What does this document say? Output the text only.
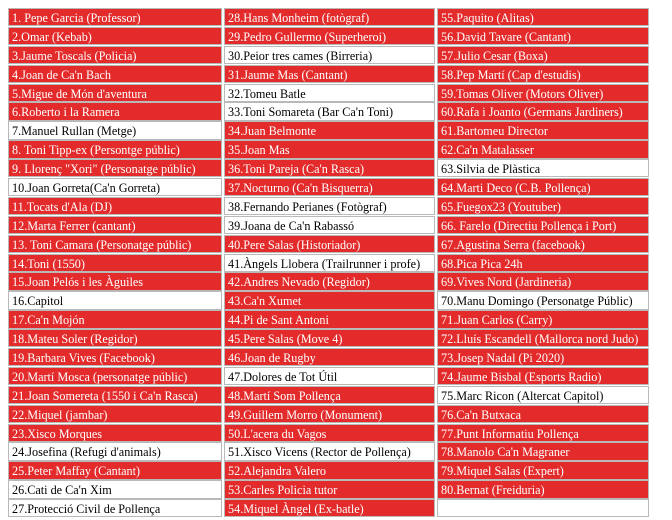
1. Pepe Garcia (Professor)	28.Hans Monheim (fotògraf)	55.Paquito (Alitas)
2.Omar (Kebab)	29.Pedro Gullermo (Superheroi)	56.David Tavare (Cantant)
3.Jaume Toscals (Policia)	30.Peior tres cames (Birreria)	57.Julio Cesar (Boxa)
4.Joan de Ca'n Bach	31.Jaume Mas (Cantant)	58.Pep Martí (Cap d'estudis)
5.Migue de Món d'aventura	32.Tomeu Batle	59.Tomas Oliver (Motors Oliver)
6.Roberto i la Ramera	33.Toni Somareta (Bar Ca'n Toni)	60.Rafa i Joanto (Germans Jardiners)
7.Manuel Rullan (Metge)	34.Juan Belmonte	61.Bartomeu Director
8. Toni Tipp-ex (Persontge públic)	35.Joan Mas	62.Ca'n Matalasser
9. Llorenç "Xori" (Personatge públic)	36.Toni Pareja (Ca'n Rasca)	63.Silvia de Plàstica
10.Joan Gorreta(Ca'n Gorreta)	37.Nocturno (Ca'n Bisquerra)	64.Marti Deco (C.B. Pollença)
11.Tocats d'Ala (DJ)	38.Fernando Perianes (Fotògraf)	65.Fuegox23 (Youtuber)
12.Marta Ferrer (cantant)	39.Joana de Ca'n Rabassó	66. Farelo (Directiu Pollença i Port)
13. Toni Camara (Personatge públic)	40.Pere Salas (Historiador)	67.Agustina Serra (facebook)
14.Toni (1550)	41.Àngels Llobera (Trailrunner i profe)	68.Pica Pica 24h
15.Joan Pelós i les Àguiles	42.Andres Nevado (Regidor)	69.Vives Nord (Jardineria)
16.Capitol	43.Ca'n Xumet	70.Manu Domingo (Personatge Públic)
17.Ca'n Mojón	44.Pi de Sant Antoni	71.Juan Carlos (Carry)
18.Mateu Soler (Regidor)	45.Pere Salas (Move 4)	72.Lluís Escandell (Mallorca nord Judo)
19.Barbara Vives (Facebook)	46.Joan de Rugby	73.Josep Nadal (Pi 2020)
20.Martí Mosca (personatge públic)	47.Dolores de Tot Útil	74.Jaume Bisbal (Esports Radio)
21.Joan Somereta (1550 i Ca'n Rasca)	48.Martí Som Pollença	75.Marc Ricon (Altercat Capitol)
22.Miquel (jambar)	49.Guillem Morro (Monument)	76.Ca'n Butxaca
23.Xisco Morques	50.L'acera du Vagos	77.Punt Informatiu Pollença
24.Josefina (Refugi d'animals)	51.Xisco Vicens (Rector de Pollença)	78.Manolo Ca'n Magraner
25.Peter Maffay (Cantant)	52.Alejandra Valero	79.Miquel Salas (Expert)
26.Cati de Ca'n Xim	53.Carles Policia tutor	80.Bernat (Freiduria)
27.Protecció Civil de Pollença	54.Miquel Àngel (Ex-batle)
